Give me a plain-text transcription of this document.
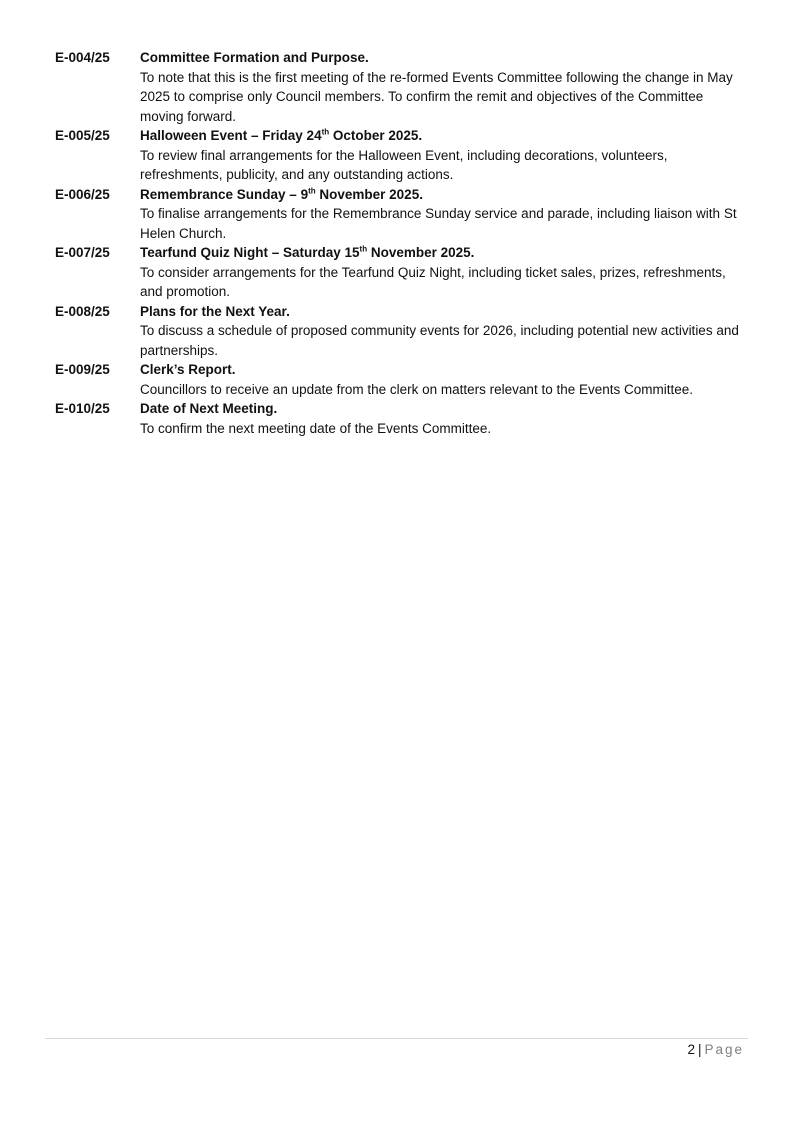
E-004/25	Committee Formation and Purpose.
To note that this is the first meeting of the re-formed Events Committee following the change in May 2025 to comprise only Council members. To confirm the remit and objectives of the Committee moving forward.
E-005/25	Halloween Event – Friday 24th October 2025.
To review final arrangements for the Halloween Event, including decorations, volunteers, refreshments, publicity, and any outstanding actions.
E-006/25	Remembrance Sunday – 9th November 2025.
To finalise arrangements for the Remembrance Sunday service and parade, including liaison with St Helen Church.
E-007/25	Tearfund Quiz Night – Saturday 15th November 2025.
To consider arrangements for the Tearfund Quiz Night, including ticket sales, prizes, refreshments, and promotion.
E-008/25	Plans for the Next Year.
To discuss a schedule of proposed community events for 2026, including potential new activities and partnerships.
E-009/25	Clerk’s Report.
Councillors to receive an update from the clerk on matters relevant to the Events Committee.
E-010/25	Date of Next Meeting.
To confirm the next meeting date of the Events Committee.
2 | Page
